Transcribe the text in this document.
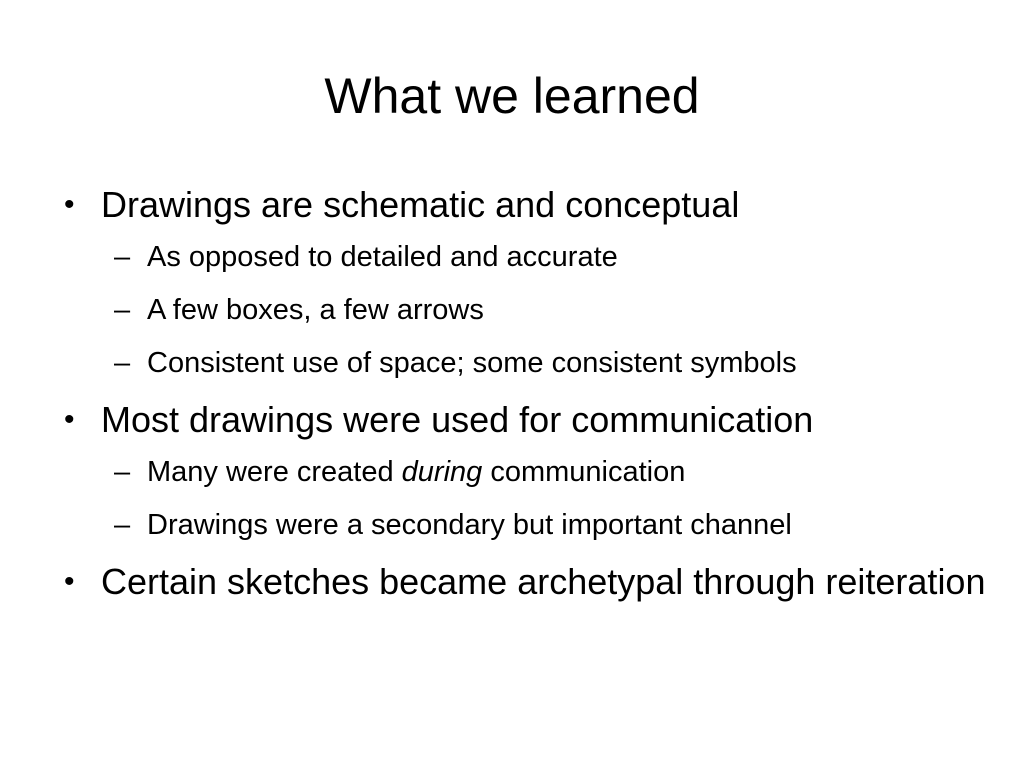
What we learned
• Drawings are schematic and conceptual
– As opposed to detailed and accurate
– A few boxes, a few arrows
– Consistent use of space; some consistent symbols
• Most drawings were used for communication
– Many were created during communication
– Drawings were a secondary but important channel
• Certain sketches became archetypal through reiteration
